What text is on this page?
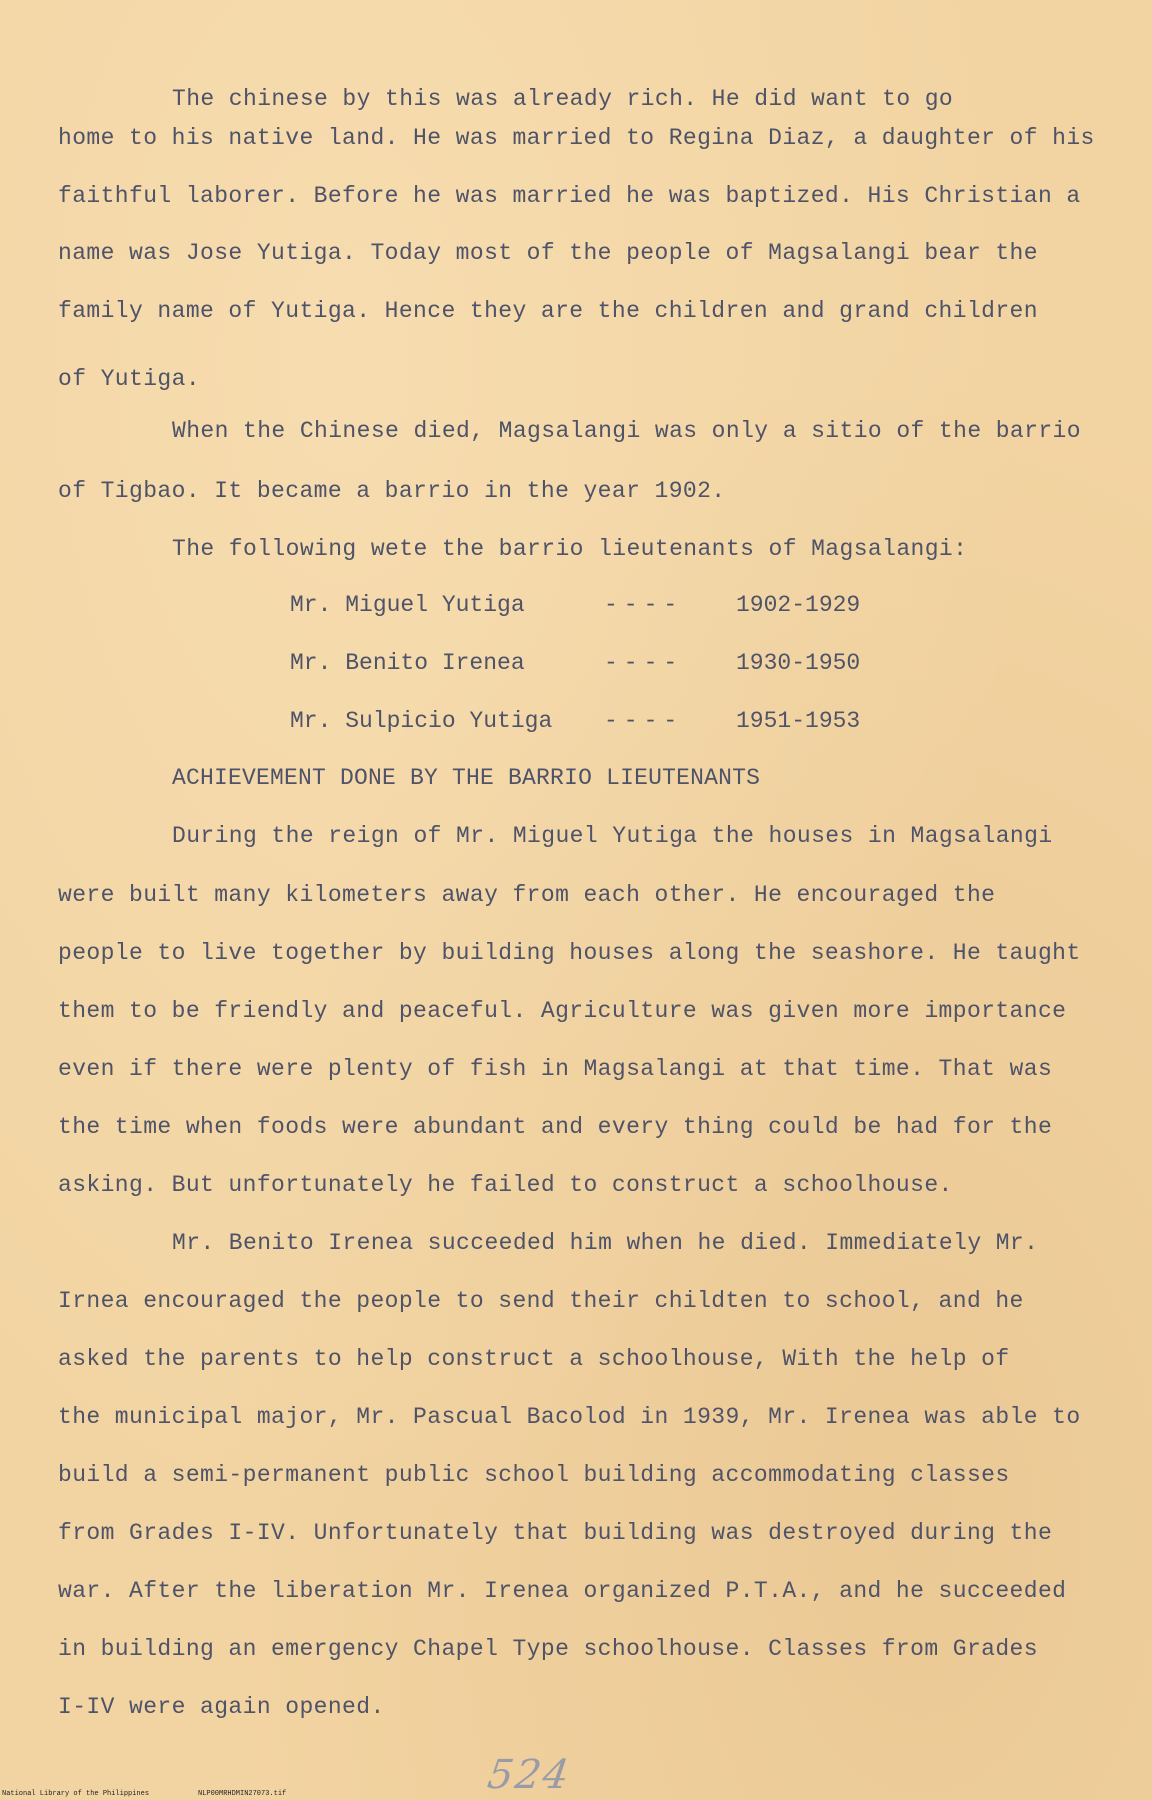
The chinese by this was already rich. He did want to go
home to his native land. He was married to Regina Diaz, a daughter of his
faithful laborer. Before he was married he was baptized. His Christian a
name was Jose Yutiga. Today most of the people of Magsalangi bear the
family name of Yutiga. Hence they are the children and grand children
of Yutiga.
When the Chinese died, Magsalangi was only a sitio of the barrio
of Tigbao. It became a barrio in the year 1902.
The following wete the barrio lieutenants of Magsalangi:
Mr. Miguel Yutiga	---- 1902-1929
Mr. Benito Irenea	---- 1930-1950
Mr. Sulpicio Yutiga ---- 1951-1953
ACHIEVEMENT DONE BY THE BARRIO LIEUTENANTS
During the reign of Mr. Miguel Yutiga the houses in Magsalangi
were built many kilometers away from each other. He encouraged the
people to live together by building houses along the seashore. He taught
them to be friendly and peaceful. Agriculture was given more importance
even if there were plenty of fish in Magsalangi at that time. That was
the time when foods were abundant and every thing could be had for the
asking. But unfortunately he failed to construct a schoolhouse.
Mr. Benito Irenea succeeded him when he died. Immediately Mr.
Irnea encouraged the people to send their childten to school, and he
asked the parents to help construct a schoolhouse, With the help of
the municipal major, Mr. Pascual Bacolod in 1939, Mr. Irenea was able to
build a semi-permanent public school building accommodating classes
from Grades I-IV. Unfortunately that building was destroyed during the
war. After the liberation Mr. Irenea organized P.T.A., and he succeeded
in building an emergency Chapel Type schoolhouse. Classes from Grades
I-IV were again opened.
524
National Library of the Philippines	NLP00MRHDMIN27073.tif
